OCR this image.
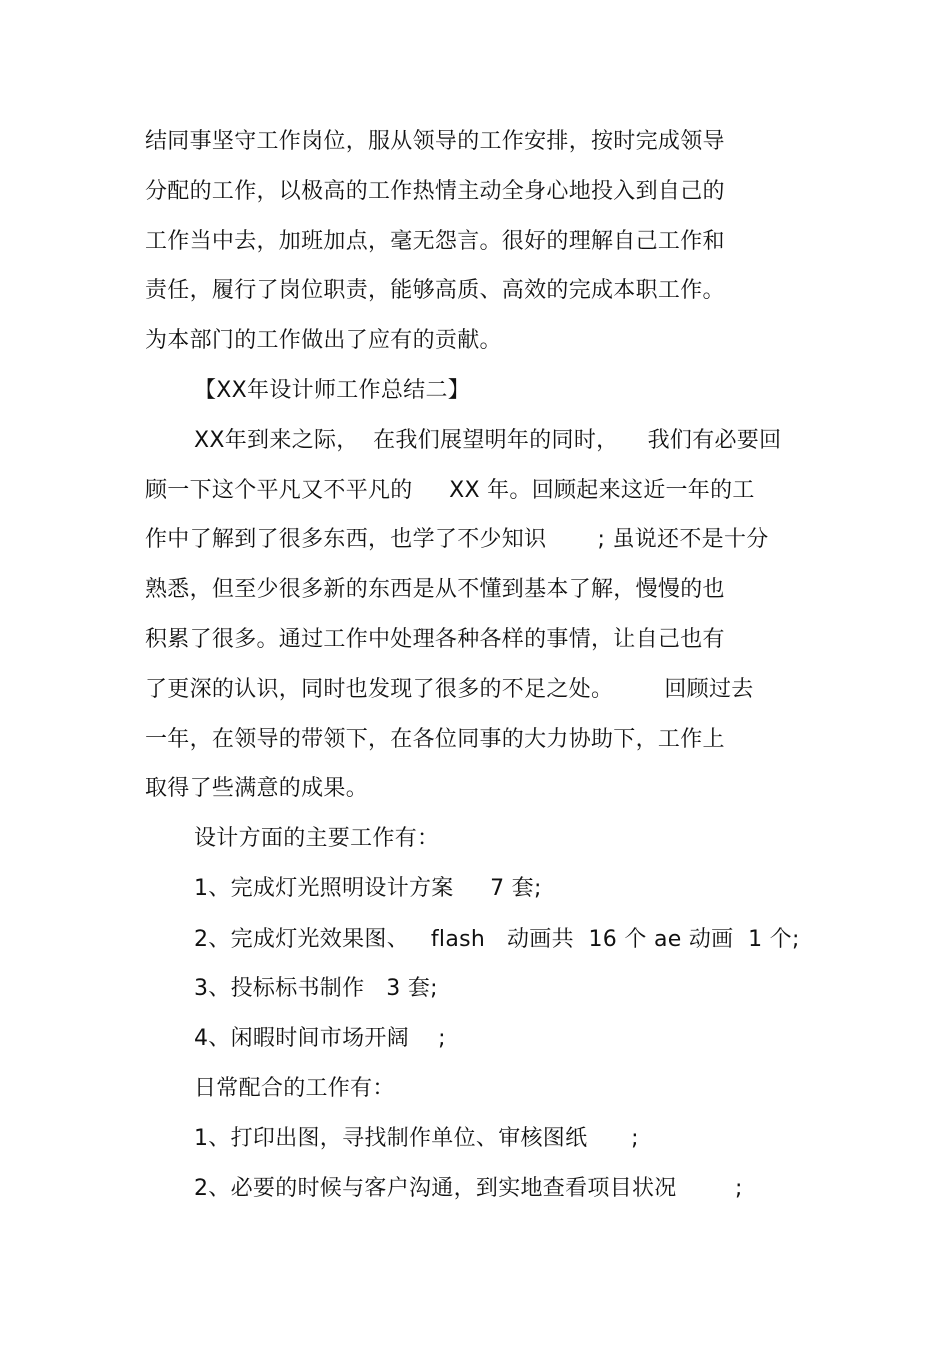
结同事坚守工作岗位，服从领导的工作安排，按时完成领导
分配的工作，以极高的工作热情主动全身心地投入到自己的
工作当中去，加班加点，毫无怨言。很好的理解自己工作和
责任，履行了岗位职责，能够高质、高效的完成本职工作。
为本部门的工作做出了应有的贡献。
【XX年设计师工作总结二】
XX年到来之际，  在我们展望明年的同时，    我们有必要回
顾一下这个平凡又不平凡的     XX 年。回顾起来这近一年的工
作中了解到了很多东西，也学了不少知识       ; 虽说还不是十分
熟悉，但至少很多新的东西是从不懂到基本了解，慢慢的也
积累了很多。通过工作中处理各种各样的事情，让自己也有
了更深的认识，同时也发现了很多的不足之处。       回顾过去
一年，在领导的带领下，在各位同事的大力协助下，工作上
取得了些满意的成果。
设计方面的主要工作有：
1、完成灯光照明设计方案     7 套;
2、完成灯光效果图、   flash   动画共  16 个 ae 动画  1 个;
3、投标标书制作   3 套;
4、闲暇时间市场开阔    ;
日常配合的工作有：
1、打印出图，寻找制作单位、审核图纸      ;
2、必要的时候与客户沟通，到实地查看项目状况        ;
